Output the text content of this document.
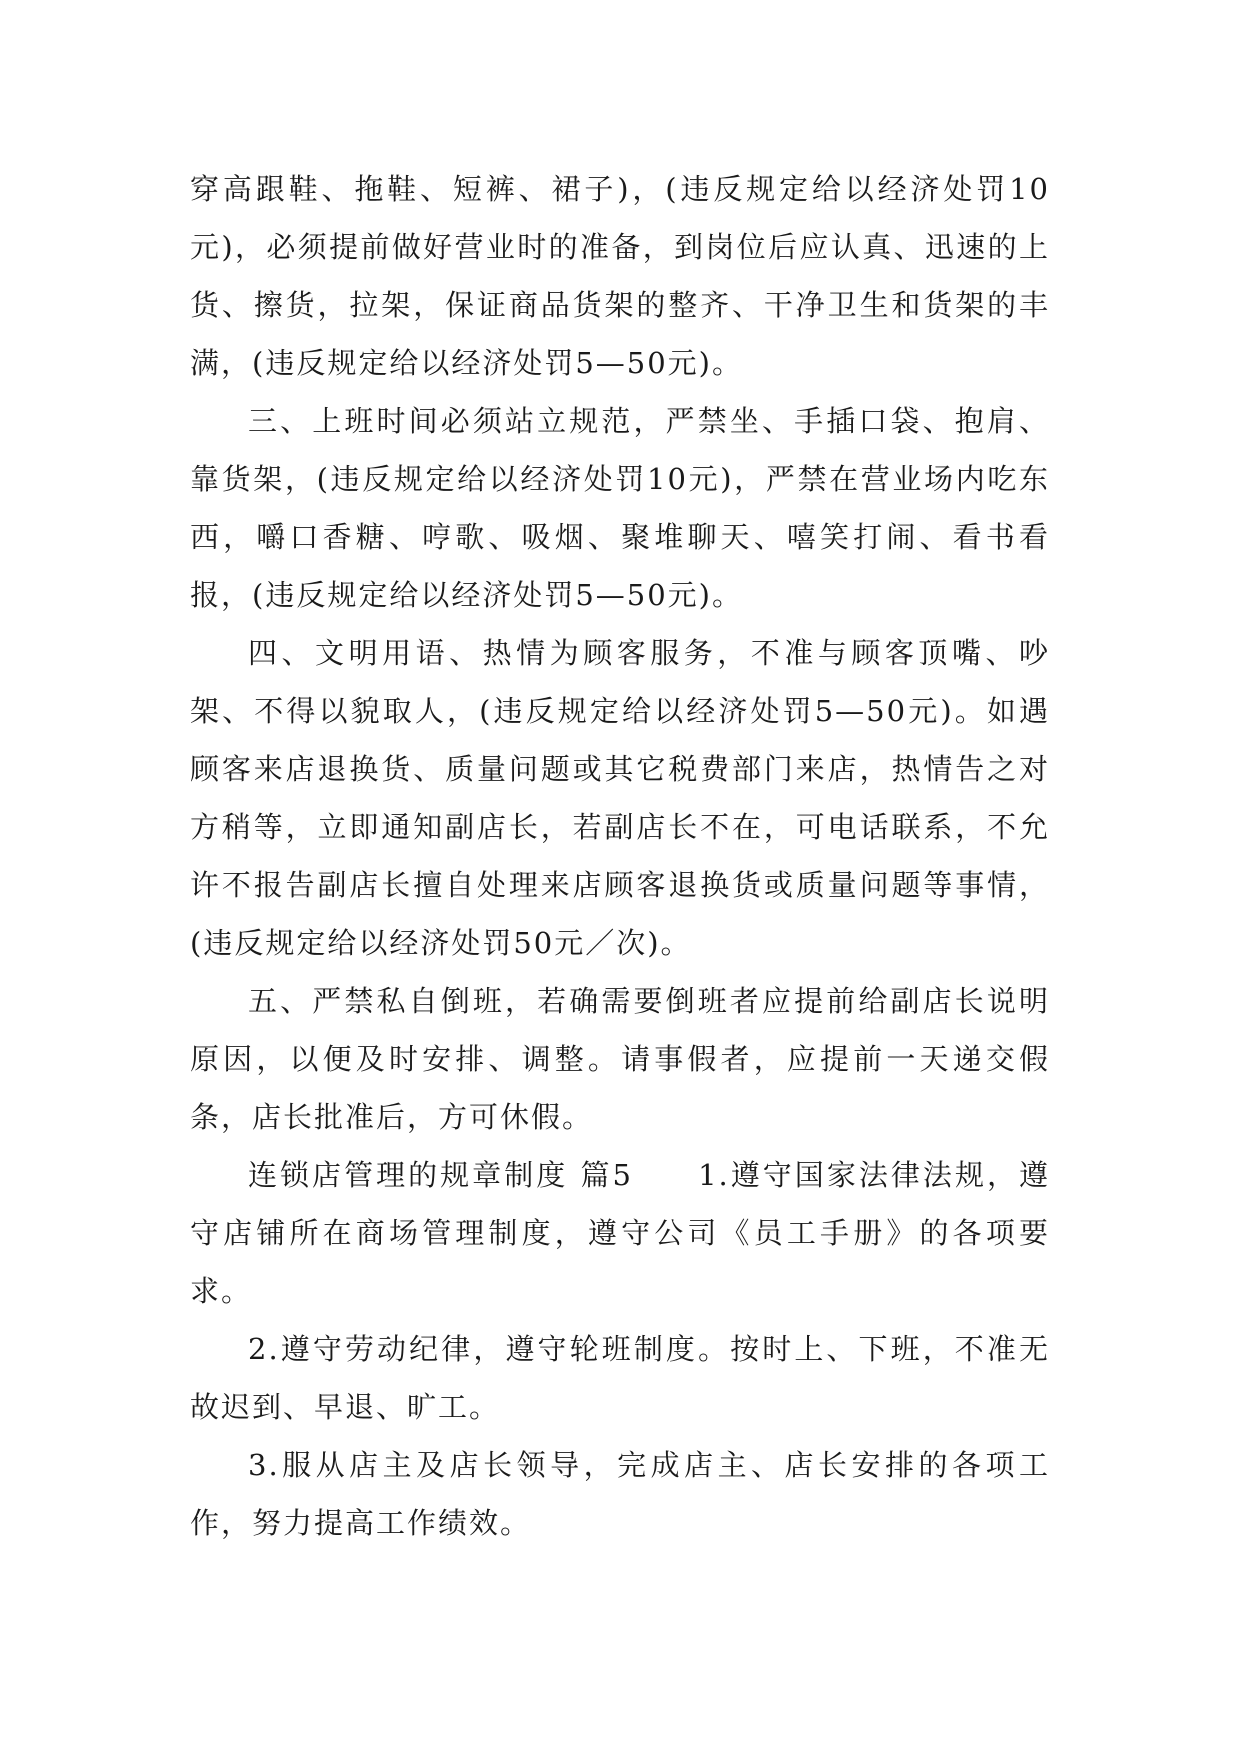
穿高跟鞋、拖鞋、短裤、裙子)，(违反规定给以经济处罚10元)，必须提前做好营业时的准备，到岗位后应认真、迅速的上货、擦货，拉架，保证商品货架的整齐、干净卫生和货架的丰满，(违反规定给以经济处罚5—50元)。

三、上班时间必须站立规范，严禁坐、手插口袋、抱肩、靠货架，(违反规定给以经济处罚10元)，严禁在营业场内吃东西，嚼口香糖、哼歌、吸烟、聚堆聊天、嘻笑打闹、看书看报，(违反规定给以经济处罚5—50元)。

四、文明用语、热情为顾客服务，不准与顾客顶嘴、吵架、不得以貌取人，(违反规定给以经济处罚5—50元)。如遇顾客来店退换货、质量问题或其它税费部门来店，热情告之对方稍等，立即通知副店长，若副店长不在，可电话联系，不允许不报告副店长擅自处理来店顾客退换货或质量问题等事情，(违反规定给以经济处罚50元／次)。

五、严禁私自倒班，若确需要倒班者应提前给副店长说明原因，以便及时安排、调整。请事假者，应提前一天递交假条，店长批准后，方可休假。

连锁店管理的规章制度 篇5　　1.遵守国家法律法规，遵守店铺所在商场管理制度，遵守公司《员工手册》的各项要求。

2.遵守劳动纪律，遵守轮班制度。按时上、下班，不准无故迟到、早退、旷工。

3.服从店主及店长领导，完成店主、店长安排的各项工作，努力提高工作绩效。
